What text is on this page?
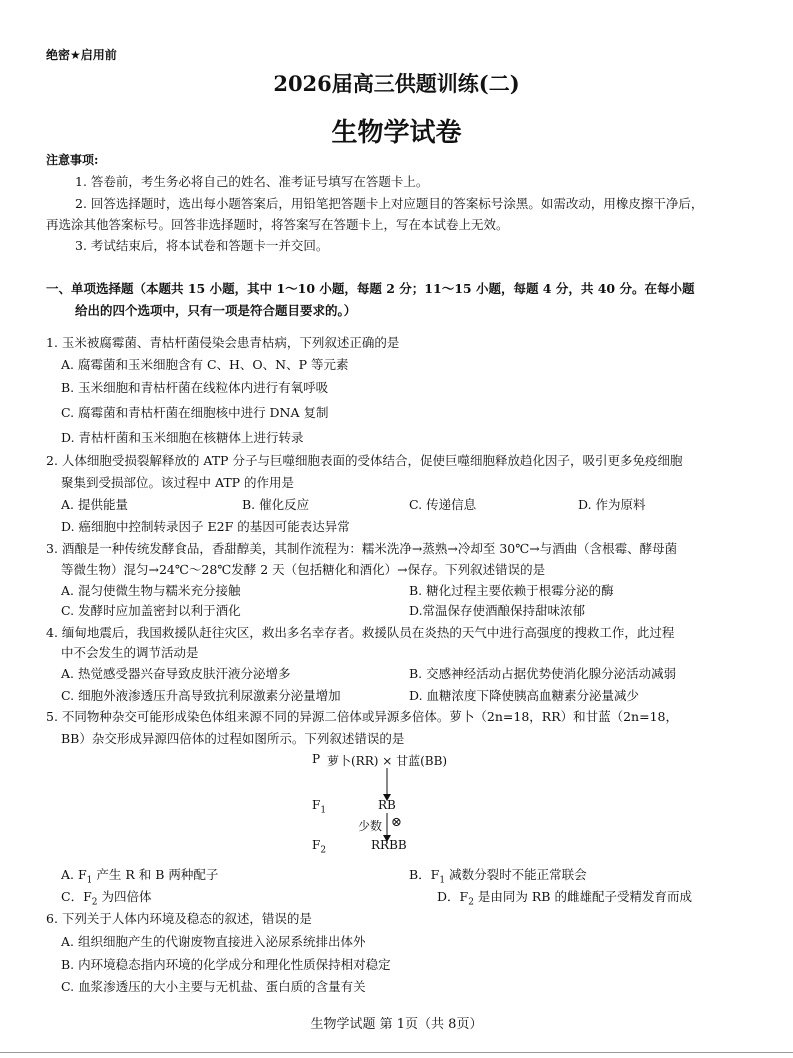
绝密★启用前
2026届高三供题训练(二)
生物学试卷
注意事项:
1. 答卷前，考生务必将自己的姓名、准考证号填写在答题卡上。
2. 回答选择题时，选出每小题答案后，用铅笔把答题卡上对应题目的答案标号涂黑。如需改动，用橡皮擦干净后，
再选涂其他答案标号。回答非选择题时，将答案写在答题卡上，写在本试卷上无效。
3. 考试结束后，将本试卷和答题卡一并交回。
一、单项选择题（本题共 15 小题，其中 1～10 小题，每题 2 分；11～15 小题，每题 4 分，共 40 分。在每小题
给出的四个选项中，只有一项是符合题目要求的。）
1. 玉米被腐霉菌、青枯杆菌侵染会患青枯病，下列叙述正确的是
A. 腐霉菌和玉米细胞含有 C、H、O、N、P 等元素
B. 玉米细胞和青枯杆菌在线粒体内进行有氧呼吸
C. 腐霉菌和青枯杆菌在细胞核中进行 DNA 复制
D. 青枯杆菌和玉米细胞在核糖体上进行转录
2. 人体细胞受损裂解释放的 ATP 分子与巨噬细胞表面的受体结合，促使巨噬细胞释放趋化因子，吸引更多免疫细胞
聚集到受损部位。该过程中 ATP 的作用是
A. 提供能量	B. 催化反应	C. 传递信息	D. 作为原料
D. 癌细胞中控制转录因子 E2F 的基因可能表达异常
3. 酒酿是一种传统发酵食品，香甜醇美，其制作流程为：糯米洗净→蒸熟→冷却至 30℃→与酒曲（含根霉、酵母菌
等微生物）混匀→24℃～28℃发酵 2 天（包括糖化和酒化）→保存。下列叙述错误的是
A. 混匀使微生物与糯米充分接触	B. 糖化过程主要依赖于根霉分泌的酶
C. 发酵时应加盖密封以利于酒化	D.常温保存使酒酿保持甜味浓郁
4. 缅甸地震后，我国救援队赶往灾区，救出多名幸存者。救援队员在炎热的天气中进行高强度的搜救工作，此过程
中不会发生的调节活动是
A. 热觉感受器兴奋导致皮肤汗液分泌增多	B. 交感神经活动占据优势使消化腺分泌活动减弱
C. 细胞外液渗透压升高导致抗利尿激素分泌量增加	D. 血糖浓度下降使胰高血糖素分泌量减少
5. 不同物种杂交可能形成染色体组来源不同的异源二倍体或异源多倍体。萝卜（2n=18，RR）和甘蓝（2n=18，
BB）杂交形成异源四倍体的过程如图所示。下列叙述错误的是
P 萝卜(RR) × 甘蓝(BB)
$F_1$	RB
少数 ⊗
$F_2$	RRBB
A. $F_1$ 产生 R 和 B 两种配子	B．$F_1$ 减数分裂时不能正常联会
C．$F_2$ 为四倍体	D．$F_2$ 是由同为 RB 的雌雄配子受精发育而成
6. 下列关于人体内环境及稳态的叙述，错误的是
A. 组织细胞产生的代谢废物直接进入泌尿系统排出体外
B. 内环境稳态指内环境的化学成分和理化性质保持相对稳定
C. 血浆渗透压的大小主要与无机盐、蛋白质的含量有关
生物学试题 第 1页（共 8页）
